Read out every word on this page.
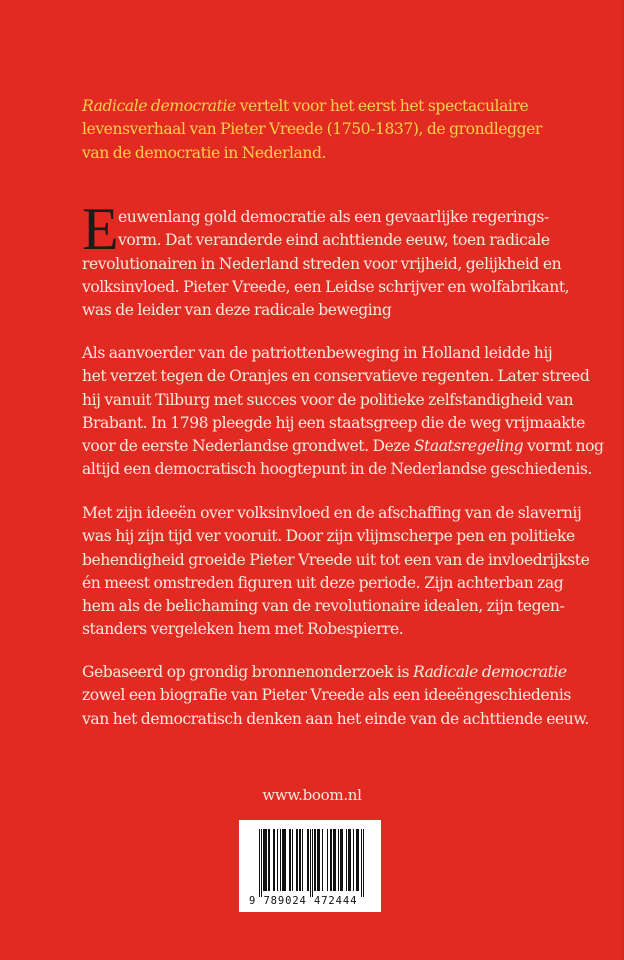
Radicale democratie vertelt voor het eerst het spectaculaire
levensverhaal van Pieter Vreede (1750-1837), de grondlegger
van de democratie in Nederland.
E euwenlang gold democratie als een gevaarlijke regerings-
vorm. Dat veranderde eind achttiende eeuw, toen radicale
revolutionairen in Nederland streden voor vrijheid, gelijkheid en
volksinvloed. Pieter Vreede, een Leidse schrijver en wolfabrikant,
was de leider van deze radicale beweging
Als aanvoerder van de patriottenbeweging in Holland leidde hij
het verzet tegen de Oranjes en conservatieve regenten. Later streed
hij vanuit Tilburg met succes voor de politieke zelfstandigheid van
Brabant. In 1798 pleegde hij een staatsgreep die de weg vrijmaakte
voor de eerste Nederlandse grondwet. Deze Staatsregeling vormt nog
altijd een democratisch hoogtepunt in de Nederlandse geschiedenis.
Met zijn ideeën over volksinvloed en de afschaffing van de slavernij
was hij zijn tijd ver vooruit. Door zijn vlijmscherpe pen en politieke
behendigheid groeide Pieter Vreede uit tot een van de invloedrijkste
én meest omstreden figuren uit deze periode. Zijn achterban zag
hem als de belichaming van de revolutionaire idealen, zijn tegen-
standers vergeleken hem met Robespierre.
Gebaseerd op grondig bronnenonderzoek is Radicale democratie
zowel een biografie van Pieter Vreede als een ideeëngeschiedenis
van het democratisch denken aan het einde van de achttiende eeuw.
www.boom.nl
9 789024 472444
